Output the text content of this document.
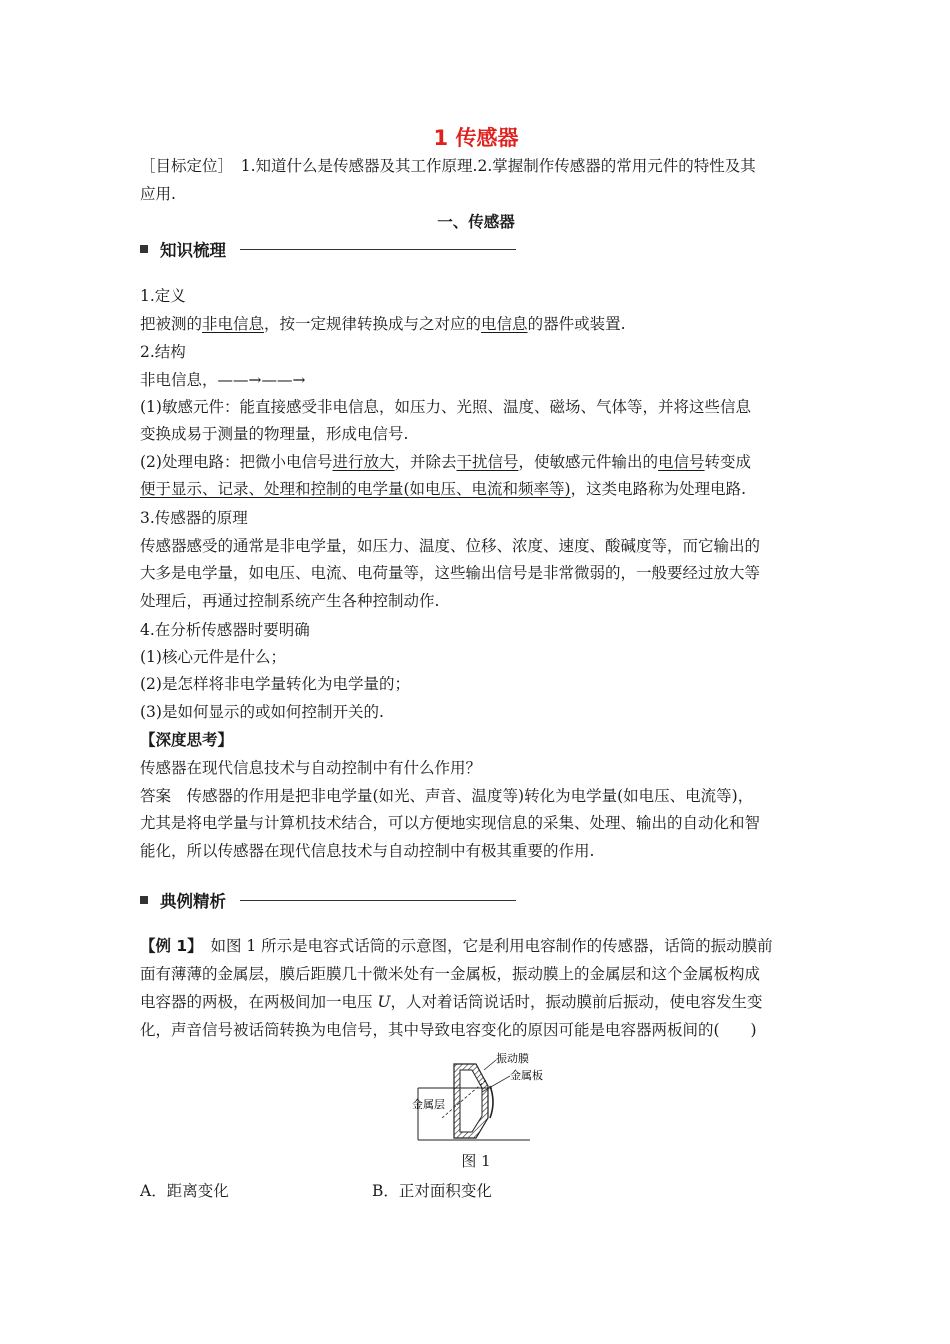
1 传感器
［目标定位］　1.知道什么是传感器及其工作原理.2.掌握制作传感器的常用元件的特性及其
应用.
一、传感器
知识梳理
1.定义
把被测的非电信息，按一定规律转换成与之对应的电信息的器件或装置.
2.结构
非电信息，——→——→
(1)敏感元件：能直接感受非电信息，如压力、光照、温度、磁场、气体等，并将这些信息
变换成易于测量的物理量，形成电信号.
(2)处理电路：把微小电信号进行放大，并除去干扰信号，使敏感元件输出的电信号转变成
便于显示、记录、处理和控制的电学量(如电压、电流和频率等)，这类电路称为处理电路.
3.传感器的原理
传感器感受的通常是非电学量，如压力、温度、位移、浓度、速度、酸碱度等，而它输出的
大多是电学量，如电压、电流、电荷量等，这些输出信号是非常微弱的，一般要经过放大等
处理后，再通过控制系统产生各种控制动作.
4.在分析传感器时要明确
(1)核心元件是什么；
(2)是怎样将非电学量转化为电学量的；
(3)是如何显示的或如何控制开关的.
【深度思考】
传感器在现代信息技术与自动控制中有什么作用？
答案　传感器的作用是把非电学量(如光、声音、温度等)转化为电学量(如电压、电流等)，
尤其是将电学量与计算机技术结合，可以方便地实现信息的采集、处理、输出的自动化和智
能化，所以传感器在现代信息技术与自动控制中有极其重要的作用.
典例精析
【例 1】　如图 1 所示是电容式话筒的示意图，它是利用电容制作的传感器，话筒的振动膜前
面有薄薄的金属层，膜后距膜几十微米处有一金属板，振动膜上的金属层和这个金属板构成
电容器的两极，在两极间加一电压 U，人对着话筒说话时，振动膜前后振动，使电容发生变
化，声音信号被话筒转换为电信号，其中导致电容变化的原因可能是电容器两板间的(　　)
振动膜
金属板
金属层
图 1
A．距离变化	B．正对面积变化
